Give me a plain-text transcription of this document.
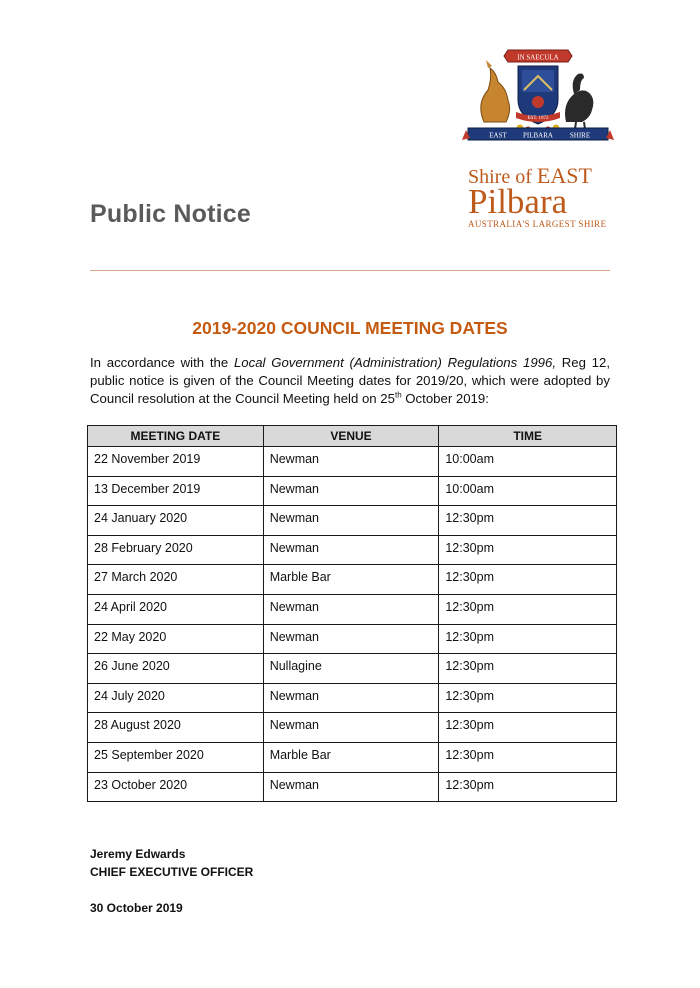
IN SAECULA
EST. 1972
EAST PILBARA SHIRE
Shire of EAST
Pilbara
AUSTRALIA'S LARGEST SHIRE
Public Notice
2019-2020 COUNCIL MEETING DATES

In accordance with the Local Government (Administration) Regulations 1996, Reg 12, public notice is given of the Council Meeting dates for 2019/20, which were adopted by Council resolution at the Council Meeting held on 25th October 2019:

MEETING DATE	VENUE	TIME
22 November 2019	Newman	10:00am
13 December 2019	Newman	10:00am
24 January 2020	Newman	12:30pm
28 February 2020	Newman	12:30pm
27 March 2020	Marble Bar	12:30pm
24 April 2020	Newman	12:30pm
22 May 2020	Newman	12:30pm
26 June 2020	Nullagine	12:30pm
24 July 2020	Newman	12:30pm
28 August 2020	Newman	12:30pm
25 September 2020	Marble Bar	12:30pm
23 October 2020	Newman	12:30pm
Jeremy Edwards
CHIEF EXECUTIVE OFFICER
30 October 2019
